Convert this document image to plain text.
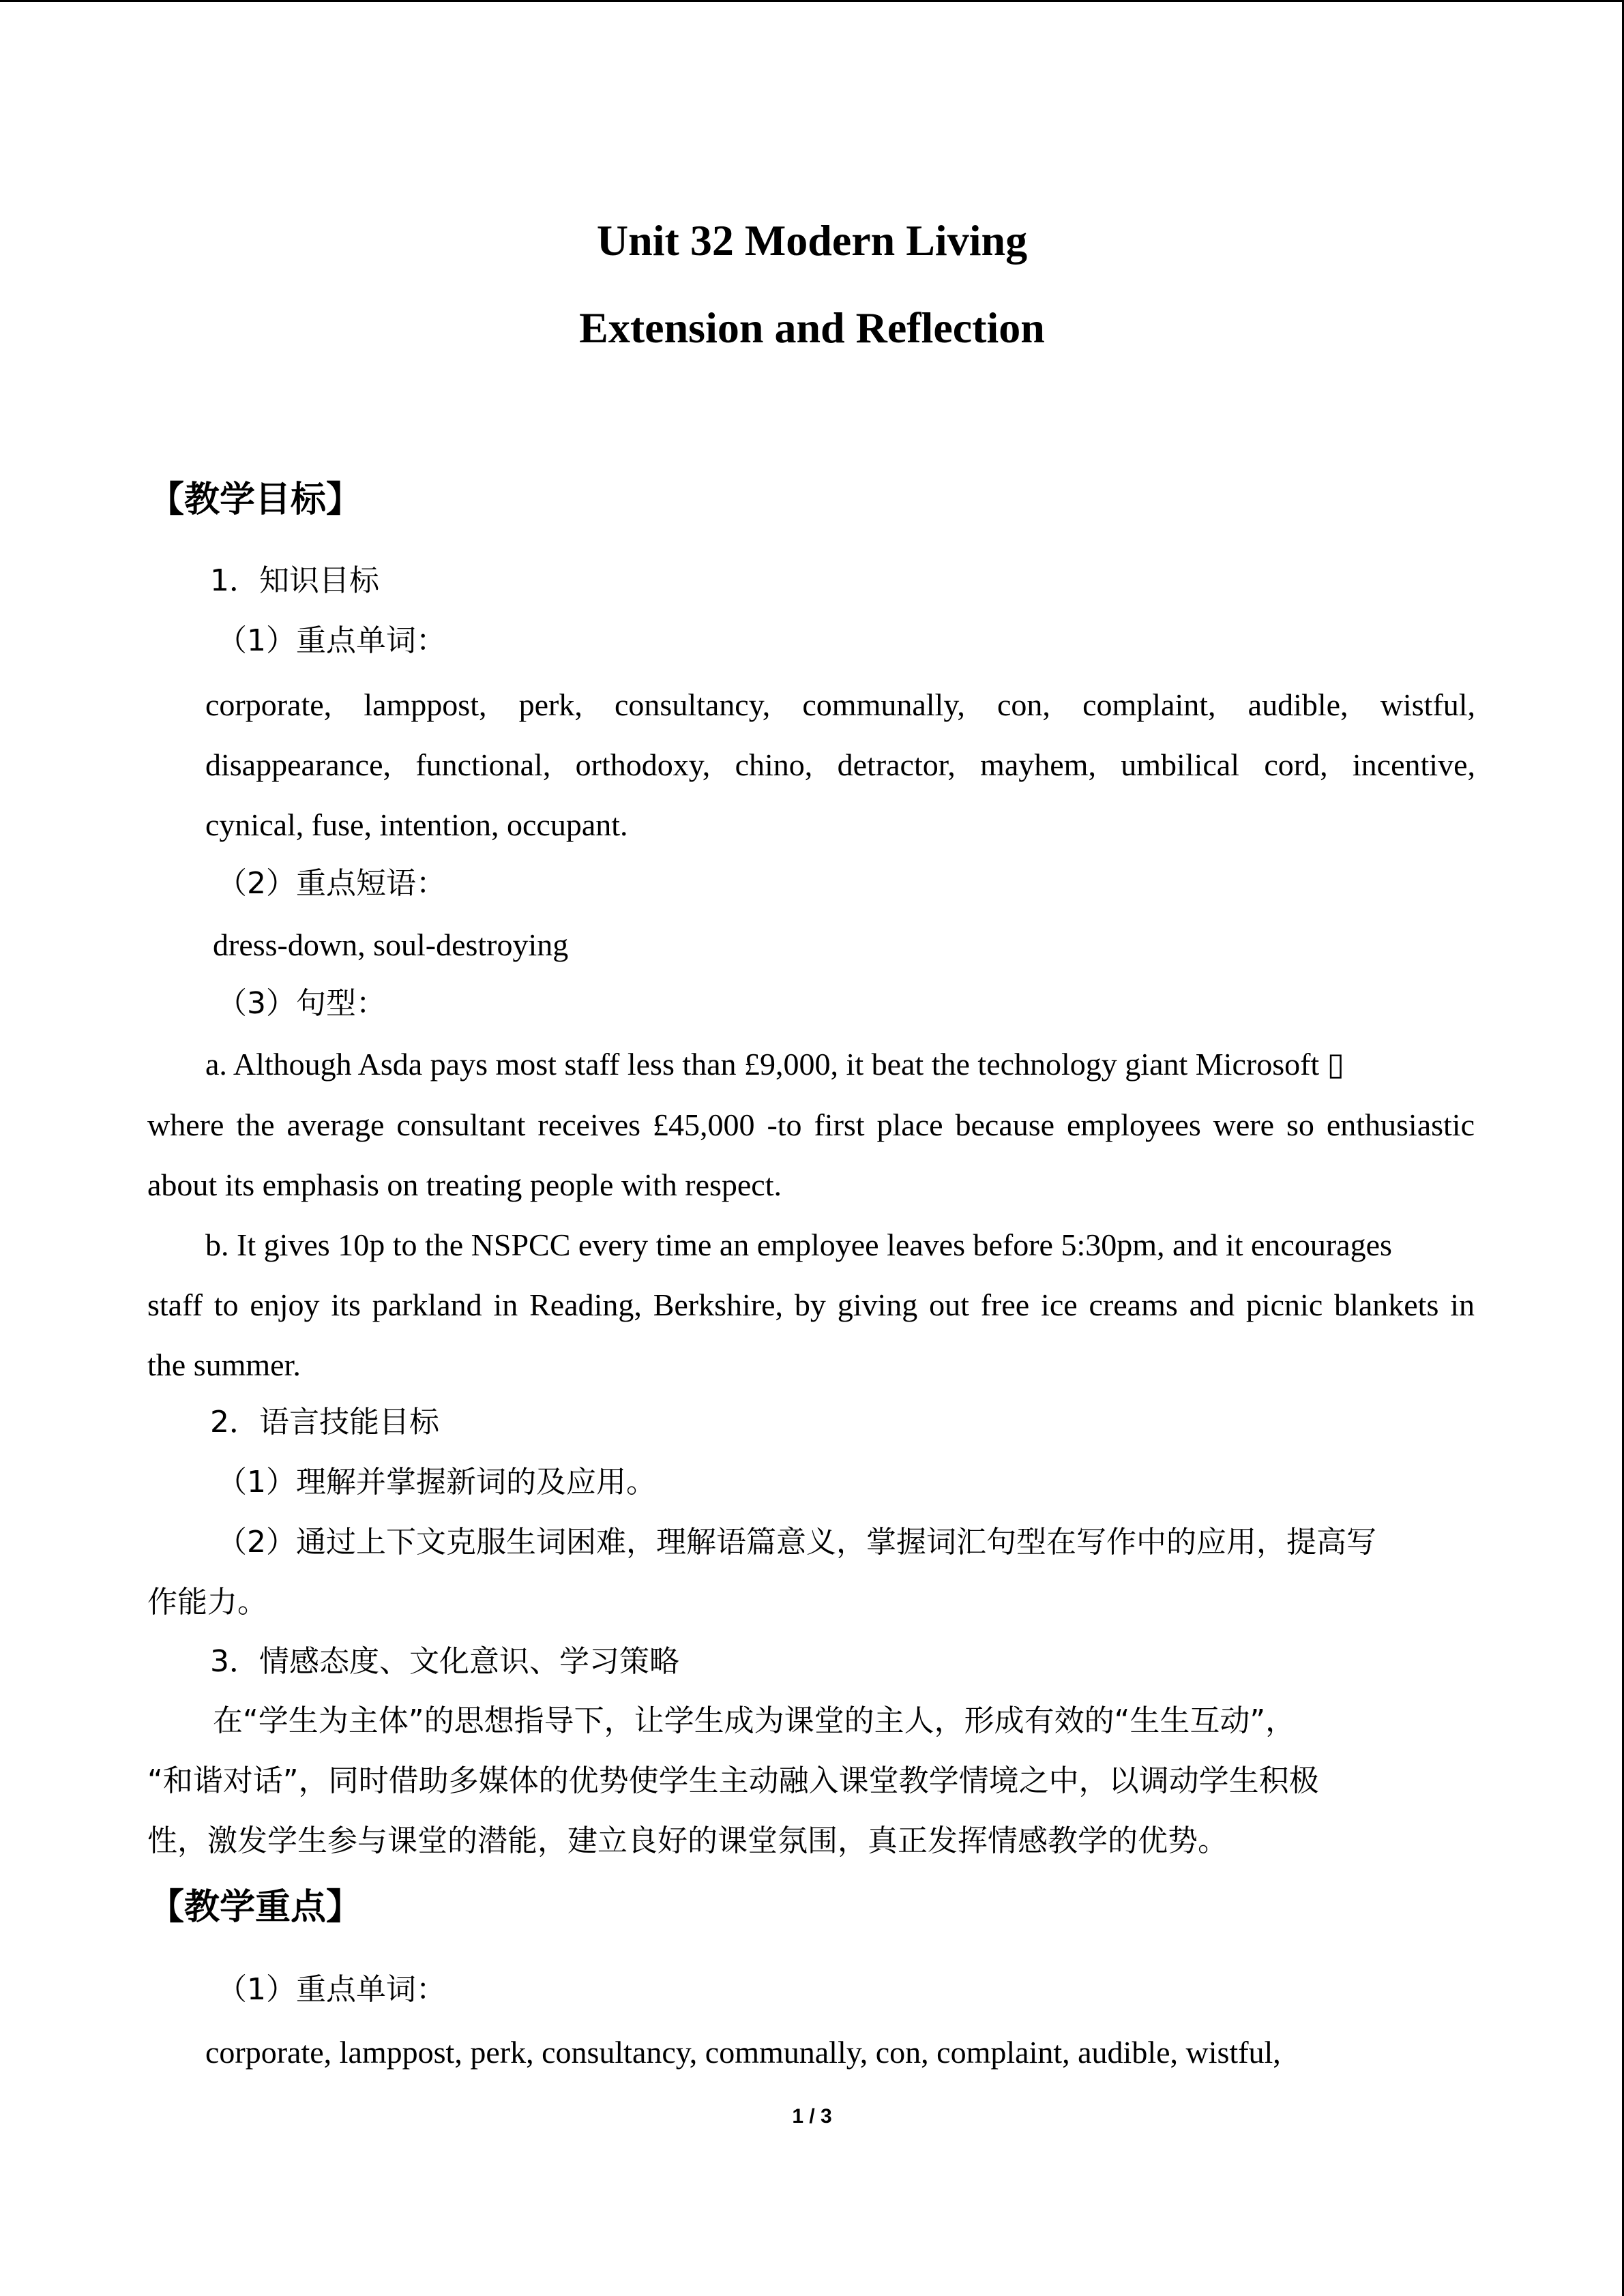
Unit 32 Modern Living
Extension and Reflection
【教学目标】
1．知识目标
（1）重点单词：
corporate, lamppost, perk, consultancy, communally, con, complaint, audible, wistful,
disappearance, functional, orthodoxy, chino, detractor, mayhem, umbilical cord, incentive,
cynical, fuse, intention, occupant.
（2）重点短语：
dress-down, soul-destroying
（3）句型：
a. Although Asda pays most staff less than £9,000, it beat the technology giant Microsoft ▯
where the average consultant receives £45,000 -to first place because employees were so enthusiastic
about its emphasis on treating people with respect.
b. It gives 10p to the NSPCC every time an employee leaves before 5:30pm, and it encourages
staff to enjoy its parkland in Reading, Berkshire, by giving out free ice creams and picnic blankets in
the summer.
2．语言技能目标
（1）理解并掌握新词的及应用。
（2）通过上下文克服生词困难，理解语篇意义，掌握词汇句型在写作中的应用，提高写
作能力。
3．情感态度、文化意识、学习策略
在“学生为主体”的思想指导下，让学生成为课堂的主人，形成有效的“生生互动”，
“和谐对话”，同时借助多媒体的优势使学生主动融入课堂教学情境之中，以调动学生积极
性，激发学生参与课堂的潜能，建立良好的课堂氛围，真正发挥情感教学的优势。
【教学重点】
（1）重点单词：
corporate, lamppost, perk, consultancy, communally, con, complaint, audible, wistful,
1 / 3
